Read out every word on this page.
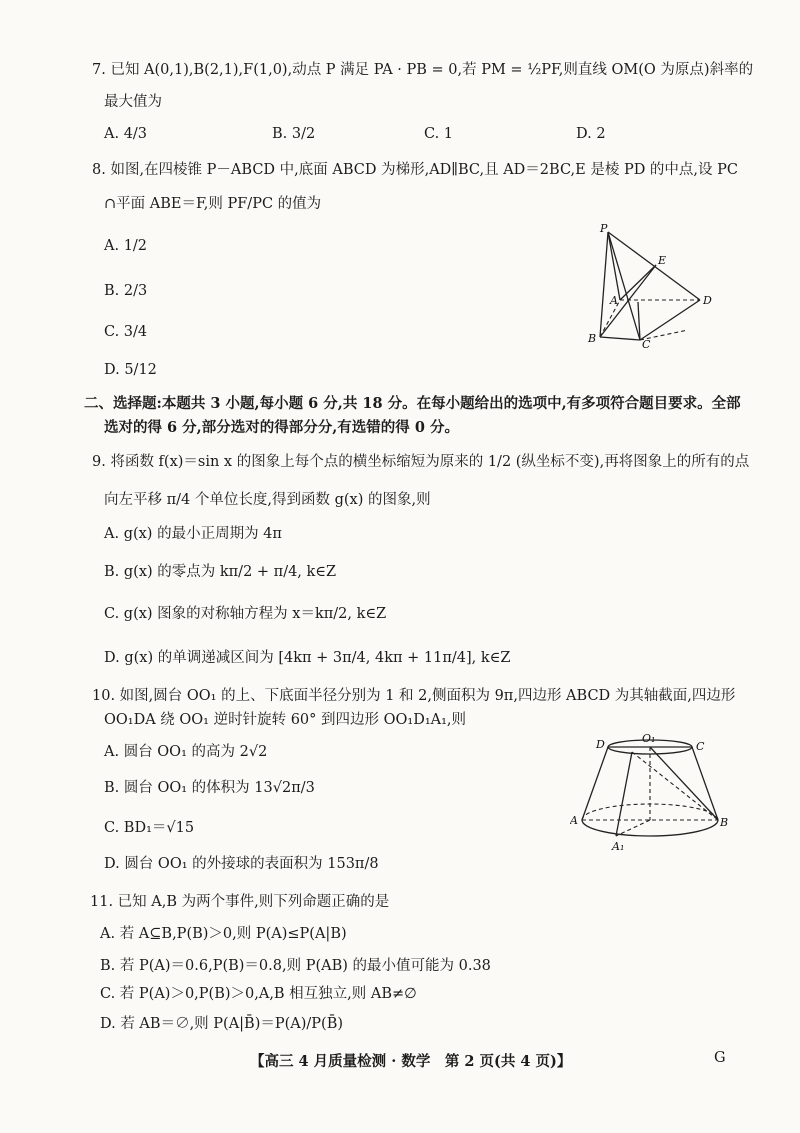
7. 已知 A(0,1),B(2,1),F(1,0),动点 P 满足 PA · PB = 0,若 PM = ½PF,则直线 OM(O 为原点)斜率的
最大值为
A. 4/3	B. 3/2	C. 1	D. 2
8. 如图,在四棱锥 P－ABCD 中,底面 ABCD 为梯形,AD∥BC,且 AD＝2BC,E 是棱 PD 的中点,设 PC
∩平面 ABE＝F,则 PF/PC 的值为
A. 1/2
B. 2/3
C. 3/4
D. 5/12
P
E
A	D
B	C
二、选择题:本题共 3 小题,每小题 6 分,共 18 分。在每小题给出的选项中,有多项符合题目要求。全部
选对的得 6 分,部分选对的得部分分,有选错的得 0 分。
9. 将函数 f(x)＝sin x 的图象上每个点的横坐标缩短为原来的 1/2 (纵坐标不变),再将图象上的所有的点
向左平移 π/4 个单位长度,得到函数 g(x) 的图象,则
A. g(x) 的最小正周期为 4π
B. g(x) 的零点为 kπ/2 + π/4, k∈Z
C. g(x) 图象的对称轴方程为 x＝kπ/2, k∈Z
D. g(x) 的单调递减区间为 [4kπ + 3π/4, 4kπ + 11π/4], k∈Z
10. 如图,圆台 OO₁ 的上、下底面半径分别为 1 和 2,侧面积为 9π,四边形 ABCD 为其轴截面,四边形
OO₁DA 绕 OO₁ 逆时针旋转 60° 到四边形 OO₁D₁A₁,则
A. 圆台 OO₁ 的高为 2√2
B. 圆台 OO₁ 的体积为 13√2π/3
C. BD₁＝√15
D. 圆台 OO₁ 的外接球的表面积为 153π/8
D	O₁
C
A	B
A₁
11. 已知 A,B 为两个事件,则下列命题正确的是
A. 若 A⊆B,P(B)＞0,则 P(A)≤P(A|B)
B. 若 P(A)＝0.6,P(B)＝0.8,则 P(AB) 的最小值可能为 0.38
C. 若 P(A)＞0,P(B)＞0,A,B 相互独立,则 AB≠∅
D. 若 AB＝∅,则 P(A|B̄)＝P(A)/P(B̄)
【高三 4 月质量检测 · 数学　第 2 页(共 4 页)】	G
